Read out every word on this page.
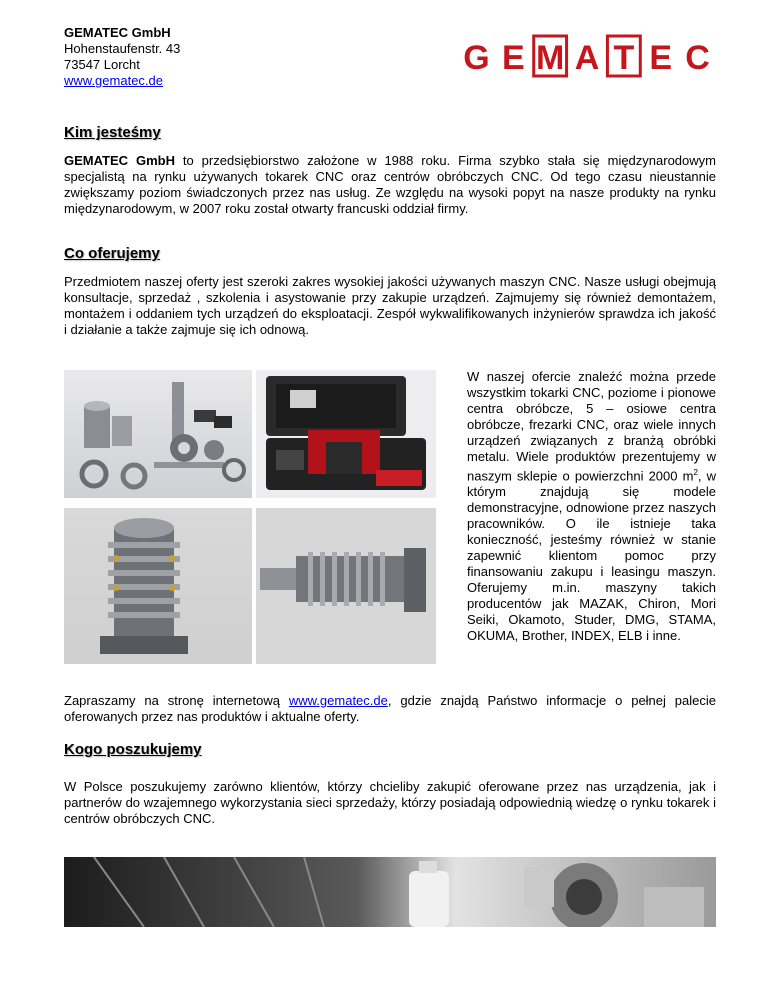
GEMATEC GmbH
Hohenstaufenstr. 43
73547 Lorcht
www.gematec.de
G E M A T E C
Kim jesteśmy
GEMATEC GmbH to przedsiębiorstwo założone w 1988 roku. Firma szybko stała się międzynarodowym specjalistą na rynku używanych tokarek CNC oraz centrów obróbczych CNC. Od tego czasu nieustannie zwiększamy poziom świadczonych przez nas usług. Ze względu na wysoki popyt na nasze produkty na rynku międzynarodowym, w 2007 roku został otwarty francuski oddział firmy.
Co oferujemy
Przedmiotem naszej oferty jest szeroki zakres wysokiej jakości używanych maszyn CNC. Nasze usługi obejmują konsultacje, sprzedaż , szkolenia i asystowanie przy zakupie urządzeń. Zajmujemy się również demontażem, montażem i oddaniem tych urządzeń do eksploatacji. Zespół wykwalifikowanych inżynierów sprawdza ich jakość i działanie a także zajmuje się ich odnową.
W naszej ofercie znaleźć można przede wszystkim tokarki CNC, poziome i pionowe centra obróbcze, 5 – osiowe centra obróbcze, frezarki CNC, oraz wiele innych urządzeń związanych z branżą obróbki metalu. Wiele produktów prezentujemy w naszym sklepie o powierzchni 2000 $m^2$, w którym znajdują się modele demonstracyjne, odnowione przez naszych pracowników. O ile istnieje taka konieczność, jesteśmy również w stanie zapewnić klientom pomoc przy finansowaniu zakupu i leasingu maszyn. Oferujemy m.in. maszyny takich producentów jak MAZAK, Chiron, Mori Seiki, Okamoto, Studer, DMG, STAMA, OKUMA, Brother, INDEX, ELB i inne.
Zapraszamy na stronę internetową www.gematec.de, gdzie znajdą Państwo informacje o pełnej palecie oferowanych przez nas produktów i aktualne oferty.
Kogo poszukujemy
W Polsce poszukujemy zarówno klientów, którzy chcieliby zakupić oferowane przez nas urządzenia, jak i partnerów do wzajemnego wykorzystania sieci sprzedaży, którzy posiadają odpowiednią wiedzę o rynku tokarek i centrów obróbczych CNC.
